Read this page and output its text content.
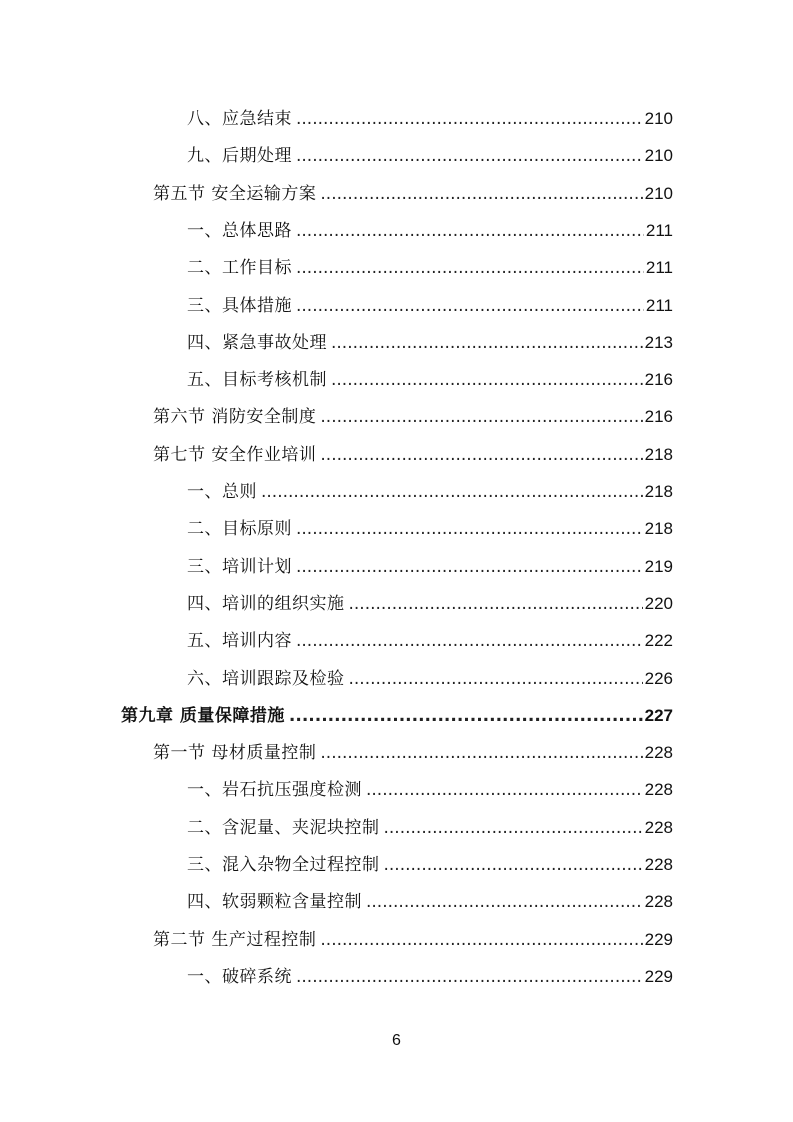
八、应急结束 .....	210
九、后期处理 .....	210
第五节 安全运输方案 .....	210
一、总体思路 .....	211
二、工作目标 .....	211
三、具体措施 .....	211
四、紧急事故处理 .....	213
五、目标考核机制 .....	216
第六节 消防安全制度 .....	216
第七节 安全作业培训 .....	218
一、总则 .....	218
二、目标原则 .....	218
三、培训计划 .....	219
四、培训的组织实施 .....	220
五、培训内容 .....	222
六、培训跟踪及检验 .....	226
第九章 质量保障措施 .....	227
第一节 母材质量控制 .....	228
一、岩石抗压强度检测 .....	228
二、含泥量、夹泥块控制 .....	228
三、混入杂物全过程控制 .....	228
四、软弱颗粒含量控制 .....	228
第二节 生产过程控制 .....	229
一、破碎系统 .....	229
6
